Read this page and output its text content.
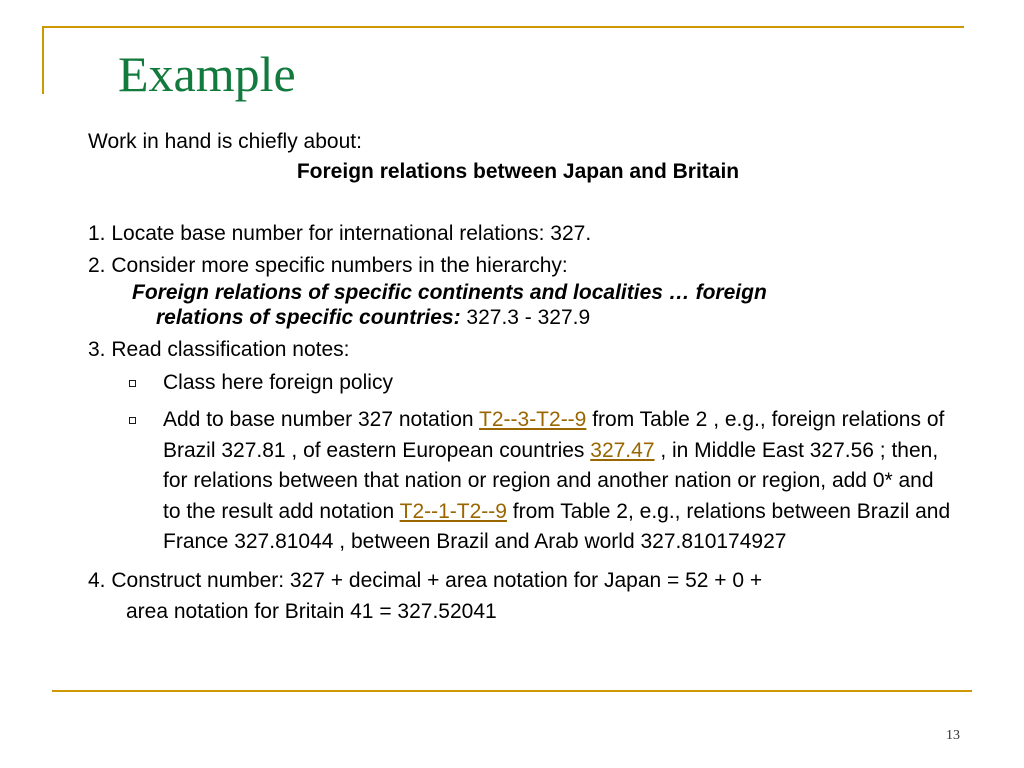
Example
Work in hand is chiefly about:
Foreign relations between Japan and Britain
1. Locate base number for international relations: 327.
2. Consider more specific numbers in the hierarchy:
Foreign relations of specific continents and localities … foreign
relations of specific countries: 327.3 - 327.9
3. Read classification notes:
Class here foreign policy
Add to base number 327 notation T2--3-T2--9 from Table 2 , e.g., foreign relations of Brazil 327.81 , of eastern European countries 327.47 , in Middle East 327.56 ; then, for relations between that nation or region and another nation or region, add 0* and to the result add notation T2--1-T2--9 from Table 2, e.g., relations between Brazil and France 327.81044 , between Brazil and Arab world 327.810174927
4. Construct number: 327 + decimal + area notation for Japan = 52 + 0 +
area notation for Britain 41 = 327.52041
13
